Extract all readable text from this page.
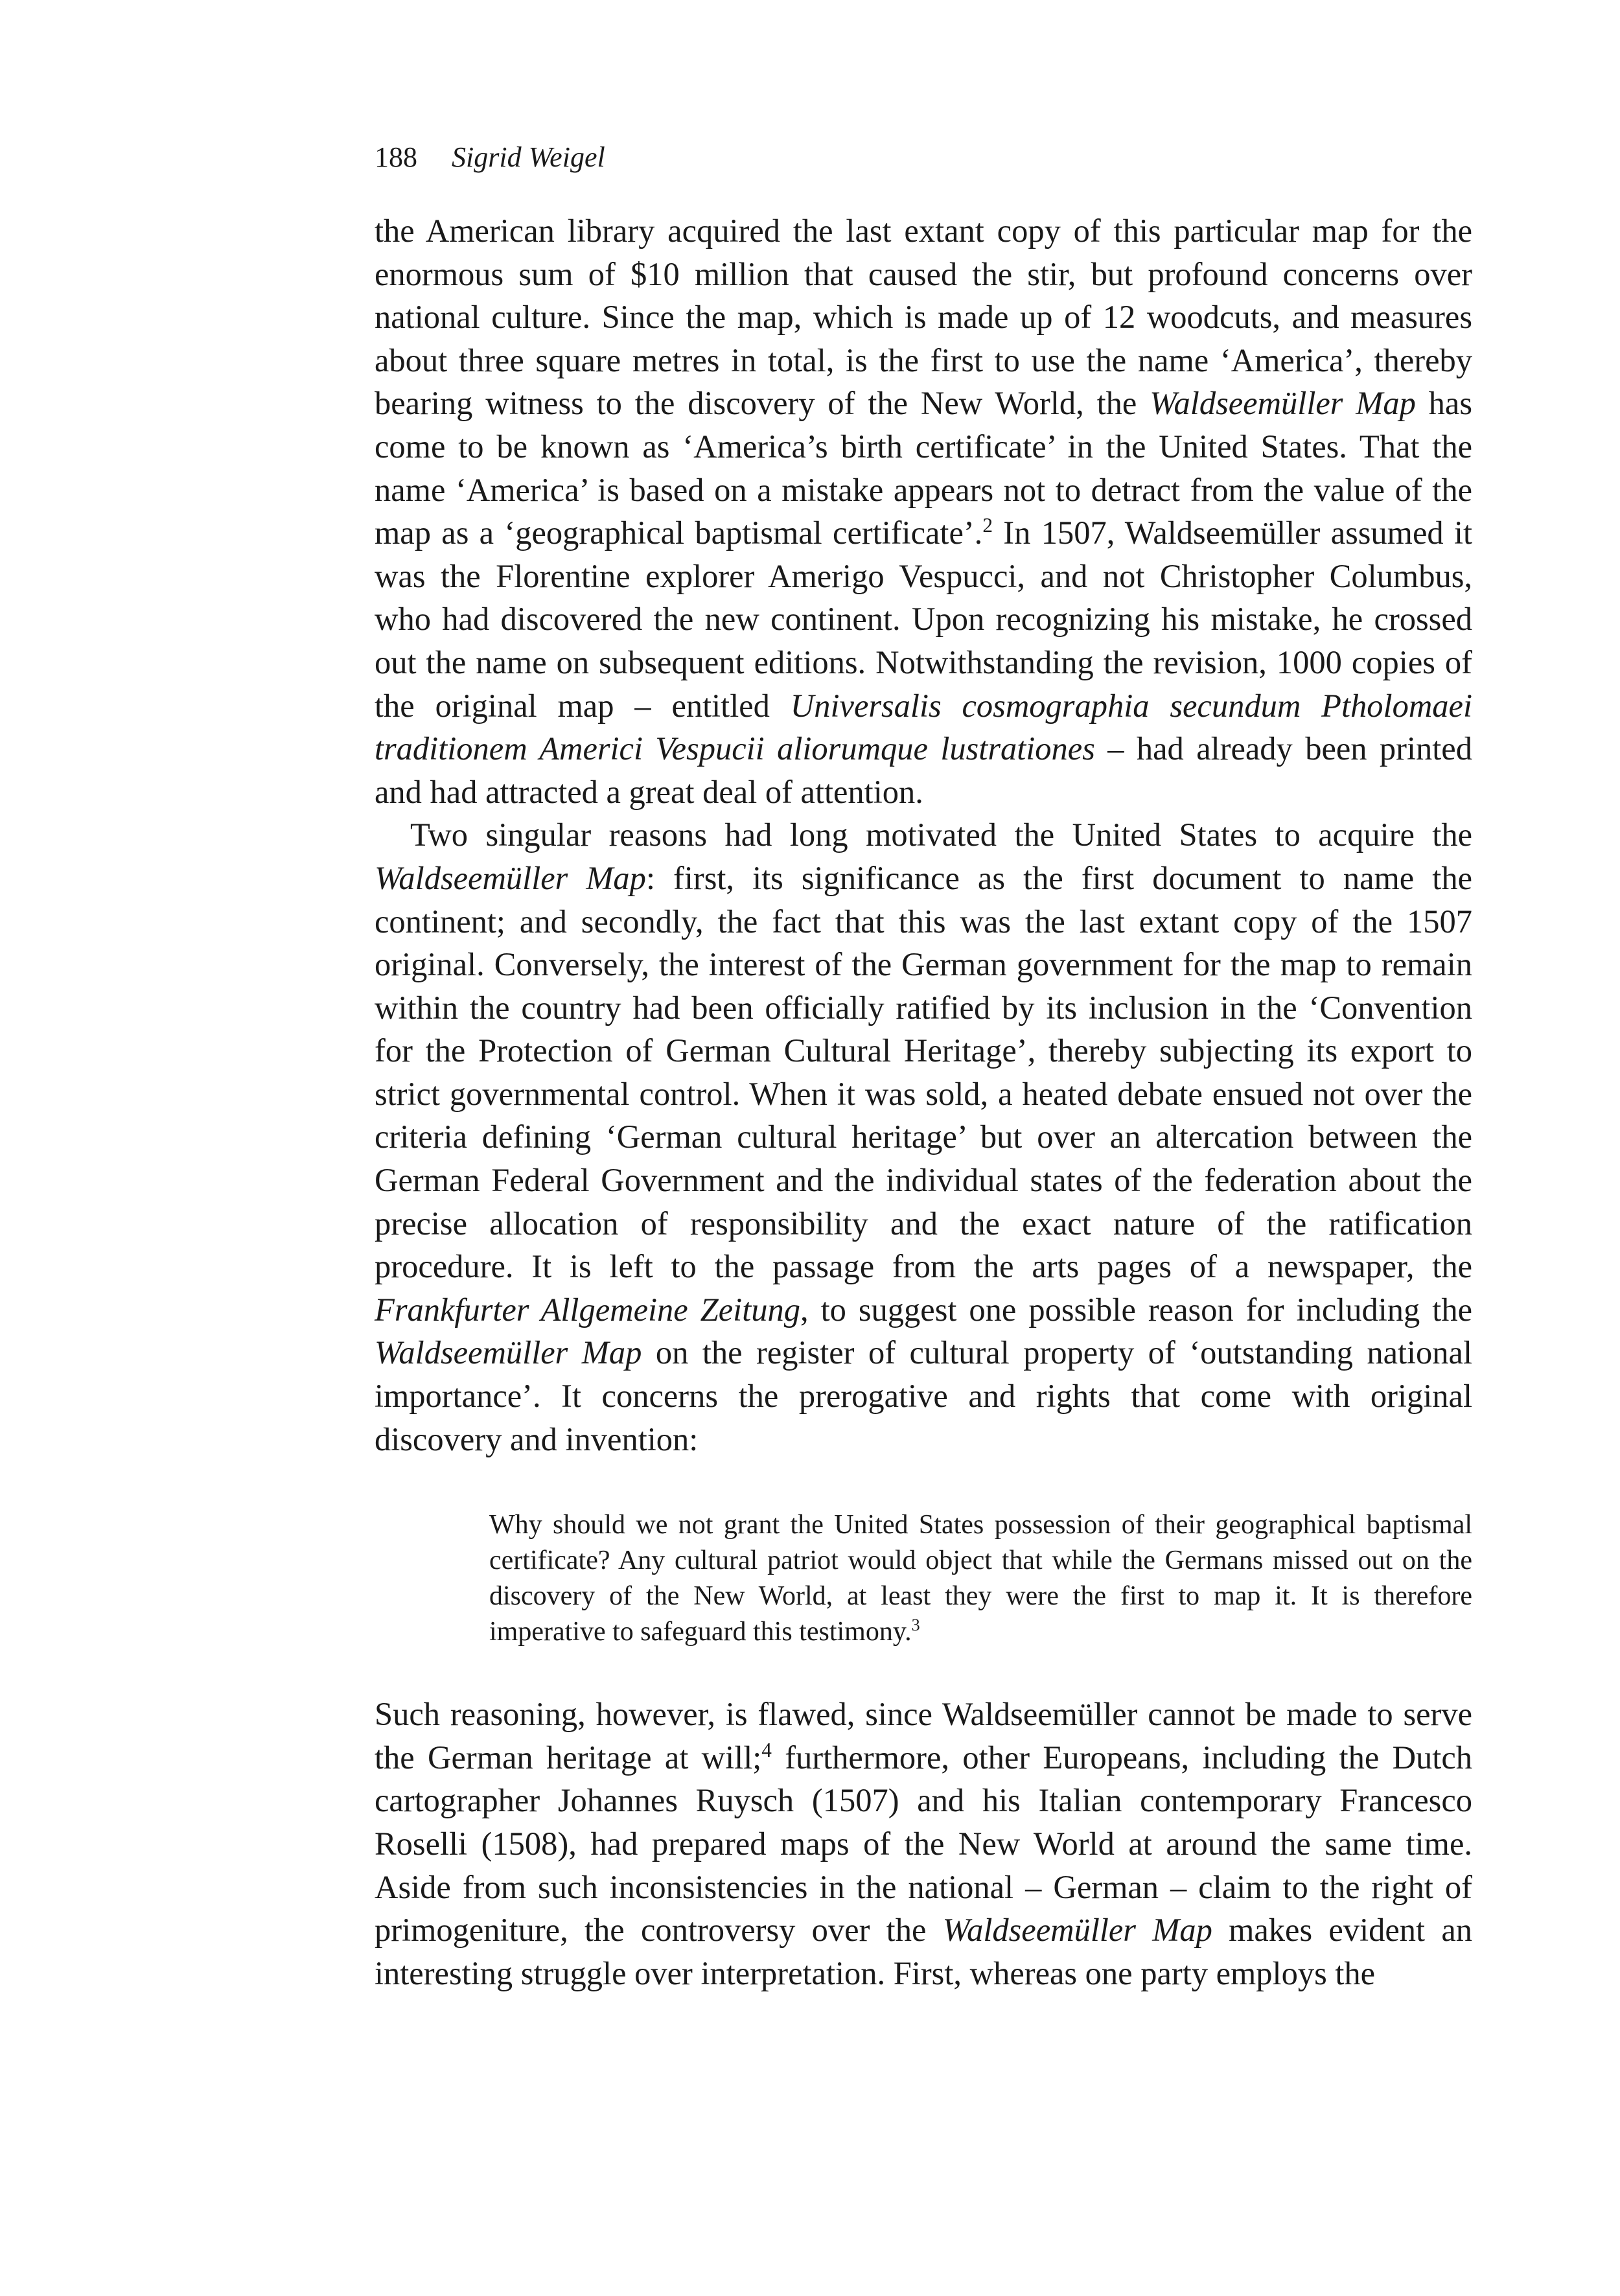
188 Sigrid Weigel

the American library acquired the last extant copy of this particular map for the enormous sum of $10 million that caused the stir, but profound concerns over national culture. Since the map, which is made up of 12 woodcuts, and measures about three square metres in total, is the first to use the name ‘America’, thereby bearing witness to the discovery of the New World, the Waldseemüller Map has come to be known as ‘America’s birth certificate’ in the United States. That the name ‘America’ is based on a mistake appears not to detract from the value of the map as a ‘geographical baptismal certificate’.$^2$ In 1507, Waldseemüller assumed it was the Florentine explorer Amerigo Vespucci, and not Christopher Columbus, who had discovered the new continent. Upon recognizing his mistake, he crossed out the name on subsequent editions. Notwithstanding the revision, 1000 copies of the original map – entitled Universalis cosmographia secundum Ptholomaei traditionem Americi Vespucii aliorumque lustrationes – had already been printed and had attracted a great deal of attention.

Two singular reasons had long motivated the United States to acquire the Waldseemüller Map: first, its significance as the first document to name the continent; and secondly, the fact that this was the last extant copy of the 1507 original. Conversely, the interest of the German government for the map to remain within the country had been officially ratified by its inclusion in the ‘Convention for the Protection of German Cultural Heritage’, thereby subjecting its export to strict governmental control. When it was sold, a heated debate ensued not over the criteria defining ‘German cultural heritage’ but over an altercation between the German Federal Government and the individual states of the federation about the precise allocation of responsibility and the exact nature of the ratification procedure. It is left to the passage from the arts pages of a newspaper, the Frankfurter Allgemeine Zeitung, to suggest one possible reason for including the Waldseemüller Map on the register of cultural property of ‘outstanding national importance’. It concerns the prerogative and rights that come with original discovery and invention:

Why should we not grant the United States possession of their geographical baptismal certificate? Any cultural patriot would object that while the Germans missed out on the discovery of the New World, at least they were the first to map it. It is therefore imperative to safeguard this testimony.$^3$

Such reasoning, however, is flawed, since Waldseemüller cannot be made to serve the German heritage at will;$^4$ furthermore, other Europeans, including the Dutch cartographer Johannes Ruysch (1507) and his Italian contemporary Francesco Roselli (1508), had prepared maps of the New World at around the same time. Aside from such inconsistencies in the national – German – claim to the right of primogeniture, the controversy over the Waldseemüller Map makes evident an interesting struggle over interpretation. First, whereas one party employs the
